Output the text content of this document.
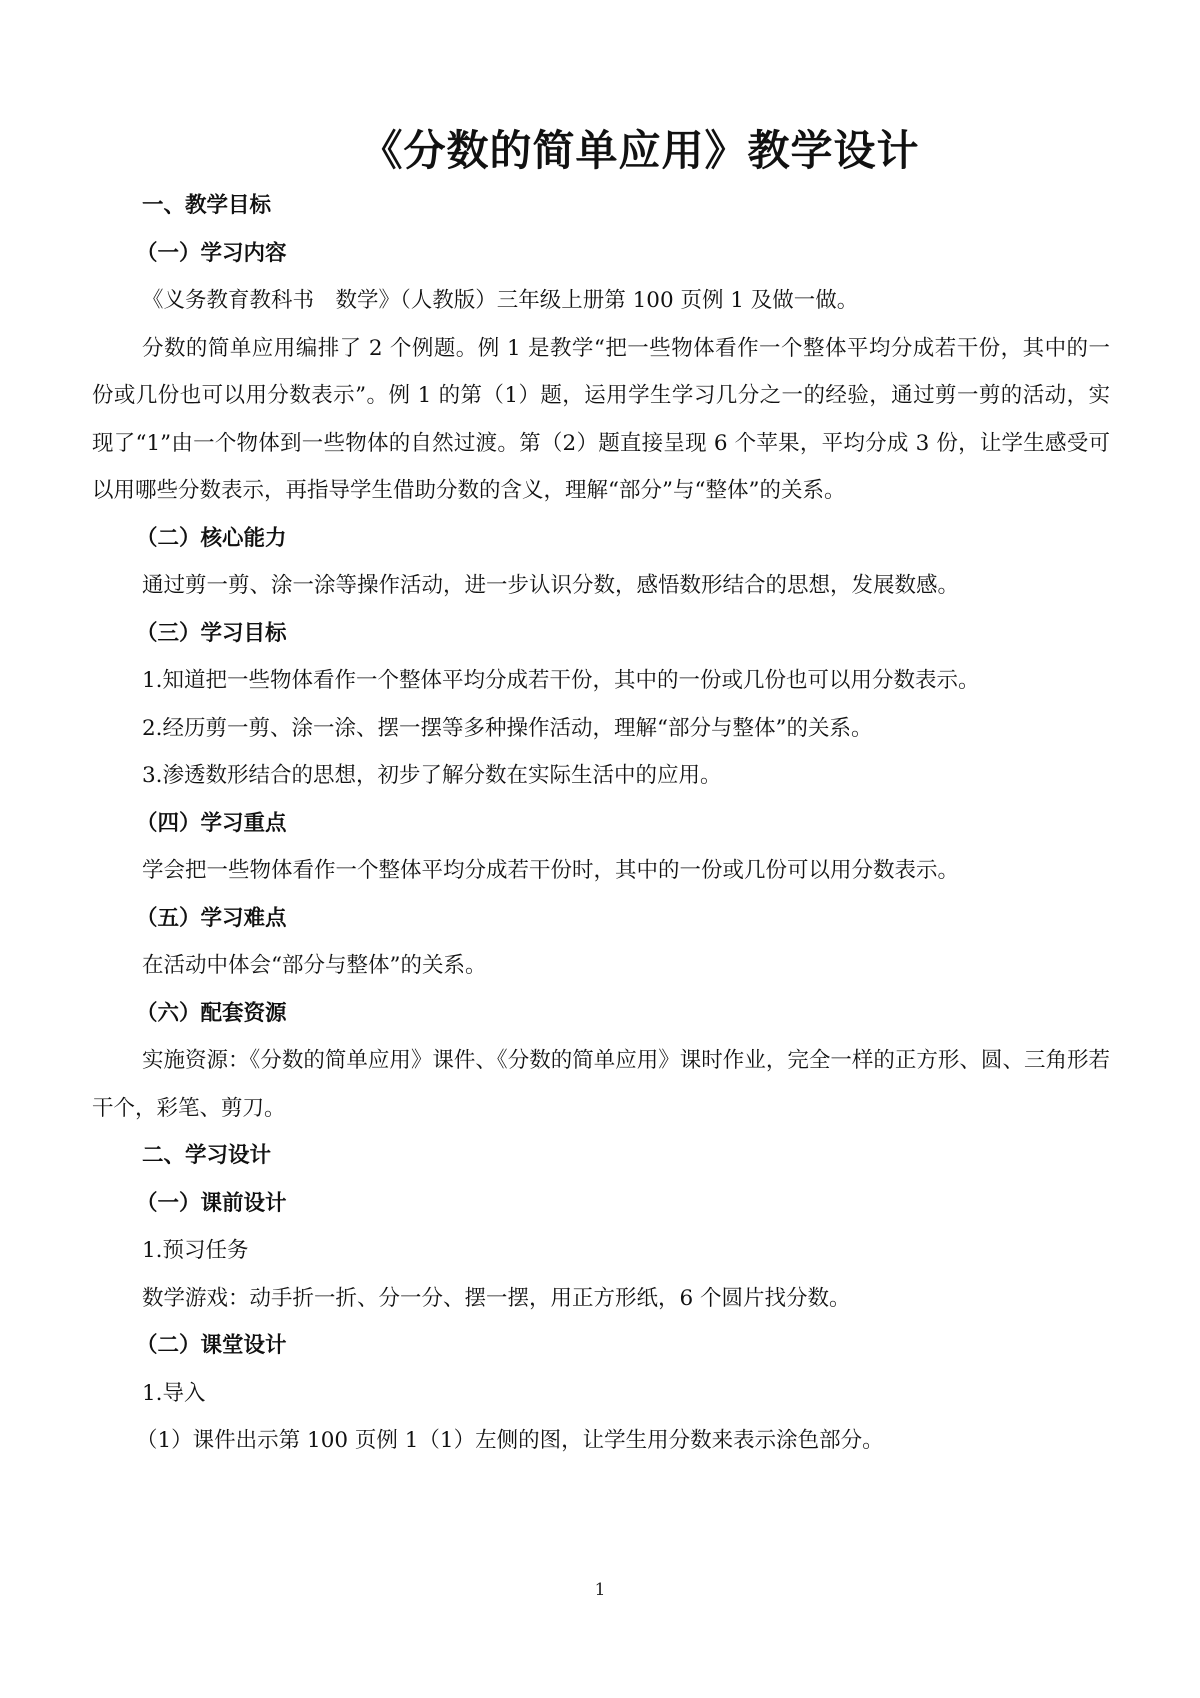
《分数的简单应用》教学设计
一、教学目标
（一）学习内容
《义务教育教科书　数学》（人教版）三年级上册第 100 页例 1 及做一做。
分数的简单应用编排了 2 个例题。例 1 是教学“把一些物体看作一个整体平均分成若干份，其中的一份或几份也可以用分数表示”。例 1 的第（1）题，运用学生学习几分之一的经验，通过剪一剪的活动，实现了“1”由一个物体到一些物体的自然过渡。第（2）题直接呈现 6 个苹果，平均分成 3 份，让学生感受可以用哪些分数表示，再指导学生借助分数的含义，理解“部分”与“整体”的关系。
（二）核心能力
通过剪一剪、涂一涂等操作活动，进一步认识分数，感悟数形结合的思想，发展数感。
（三）学习目标
1.知道把一些物体看作一个整体平均分成若干份，其中的一份或几份也可以用分数表示。
2.经历剪一剪、涂一涂、摆一摆等多种操作活动，理解“部分与整体”的关系。
3.渗透数形结合的思想，初步了解分数在实际生活中的应用。
（四）学习重点
学会把一些物体看作一个整体平均分成若干份时，其中的一份或几份可以用分数表示。
（五）学习难点
在活动中体会“部分与整体”的关系。
（六）配套资源
实施资源：《分数的简单应用》课件、《分数的简单应用》课时作业，完全一样的正方形、圆、三角形若干个，彩笔、剪刀。
二、学习设计
（一）课前设计
1.预习任务
数学游戏：动手折一折、分一分、摆一摆，用正方形纸，6 个圆片找分数。
（二）课堂设计
1.导入
（1）课件出示第 100 页例 1（1）左侧的图，让学生用分数来表示涂色部分。
1
